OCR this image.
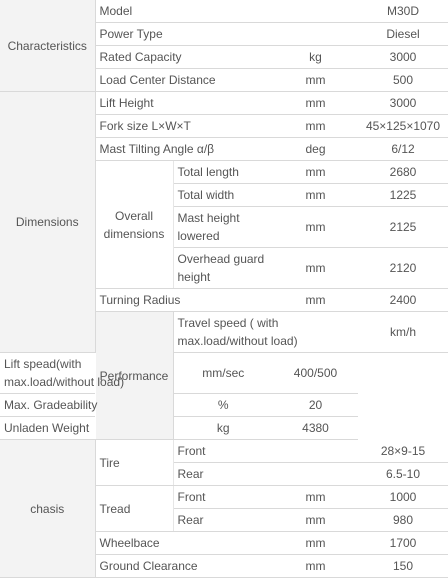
Characteristics	Model			M30D	
	Power Type			Diesel	
	Rated Capacity		kg	3000	
	Load Center Distance		mm	500	
Dimensions	Lift Height		mm	3000	
	Fork size L×W×T		mm	45×125×1070	
	Mast Tilting Angle α/β		deg	6/12	
	Overall dimensions	Total length	mm	2680	
		Total width	mm	1225	
		Mast height lowered	mm	2125	
		Overhead guard height	mm	2120	
	Turning Radius		mm	2400	
	Performance	Travel speed ( with max.load/without load)		km/h	
Lift spead(with max.load/without load)		mm/sec	400/500		
Max. Gradeability		%	20		
Unladen Weight		kg	4380		
chasis	Tire	Front		28×9-15	
		Rear		6.5-10	
	Tread	Front	mm	1000	
		Rear	mm	980	
	Wheelbace		mm	1700	
	Ground Clearance		mm	150	
